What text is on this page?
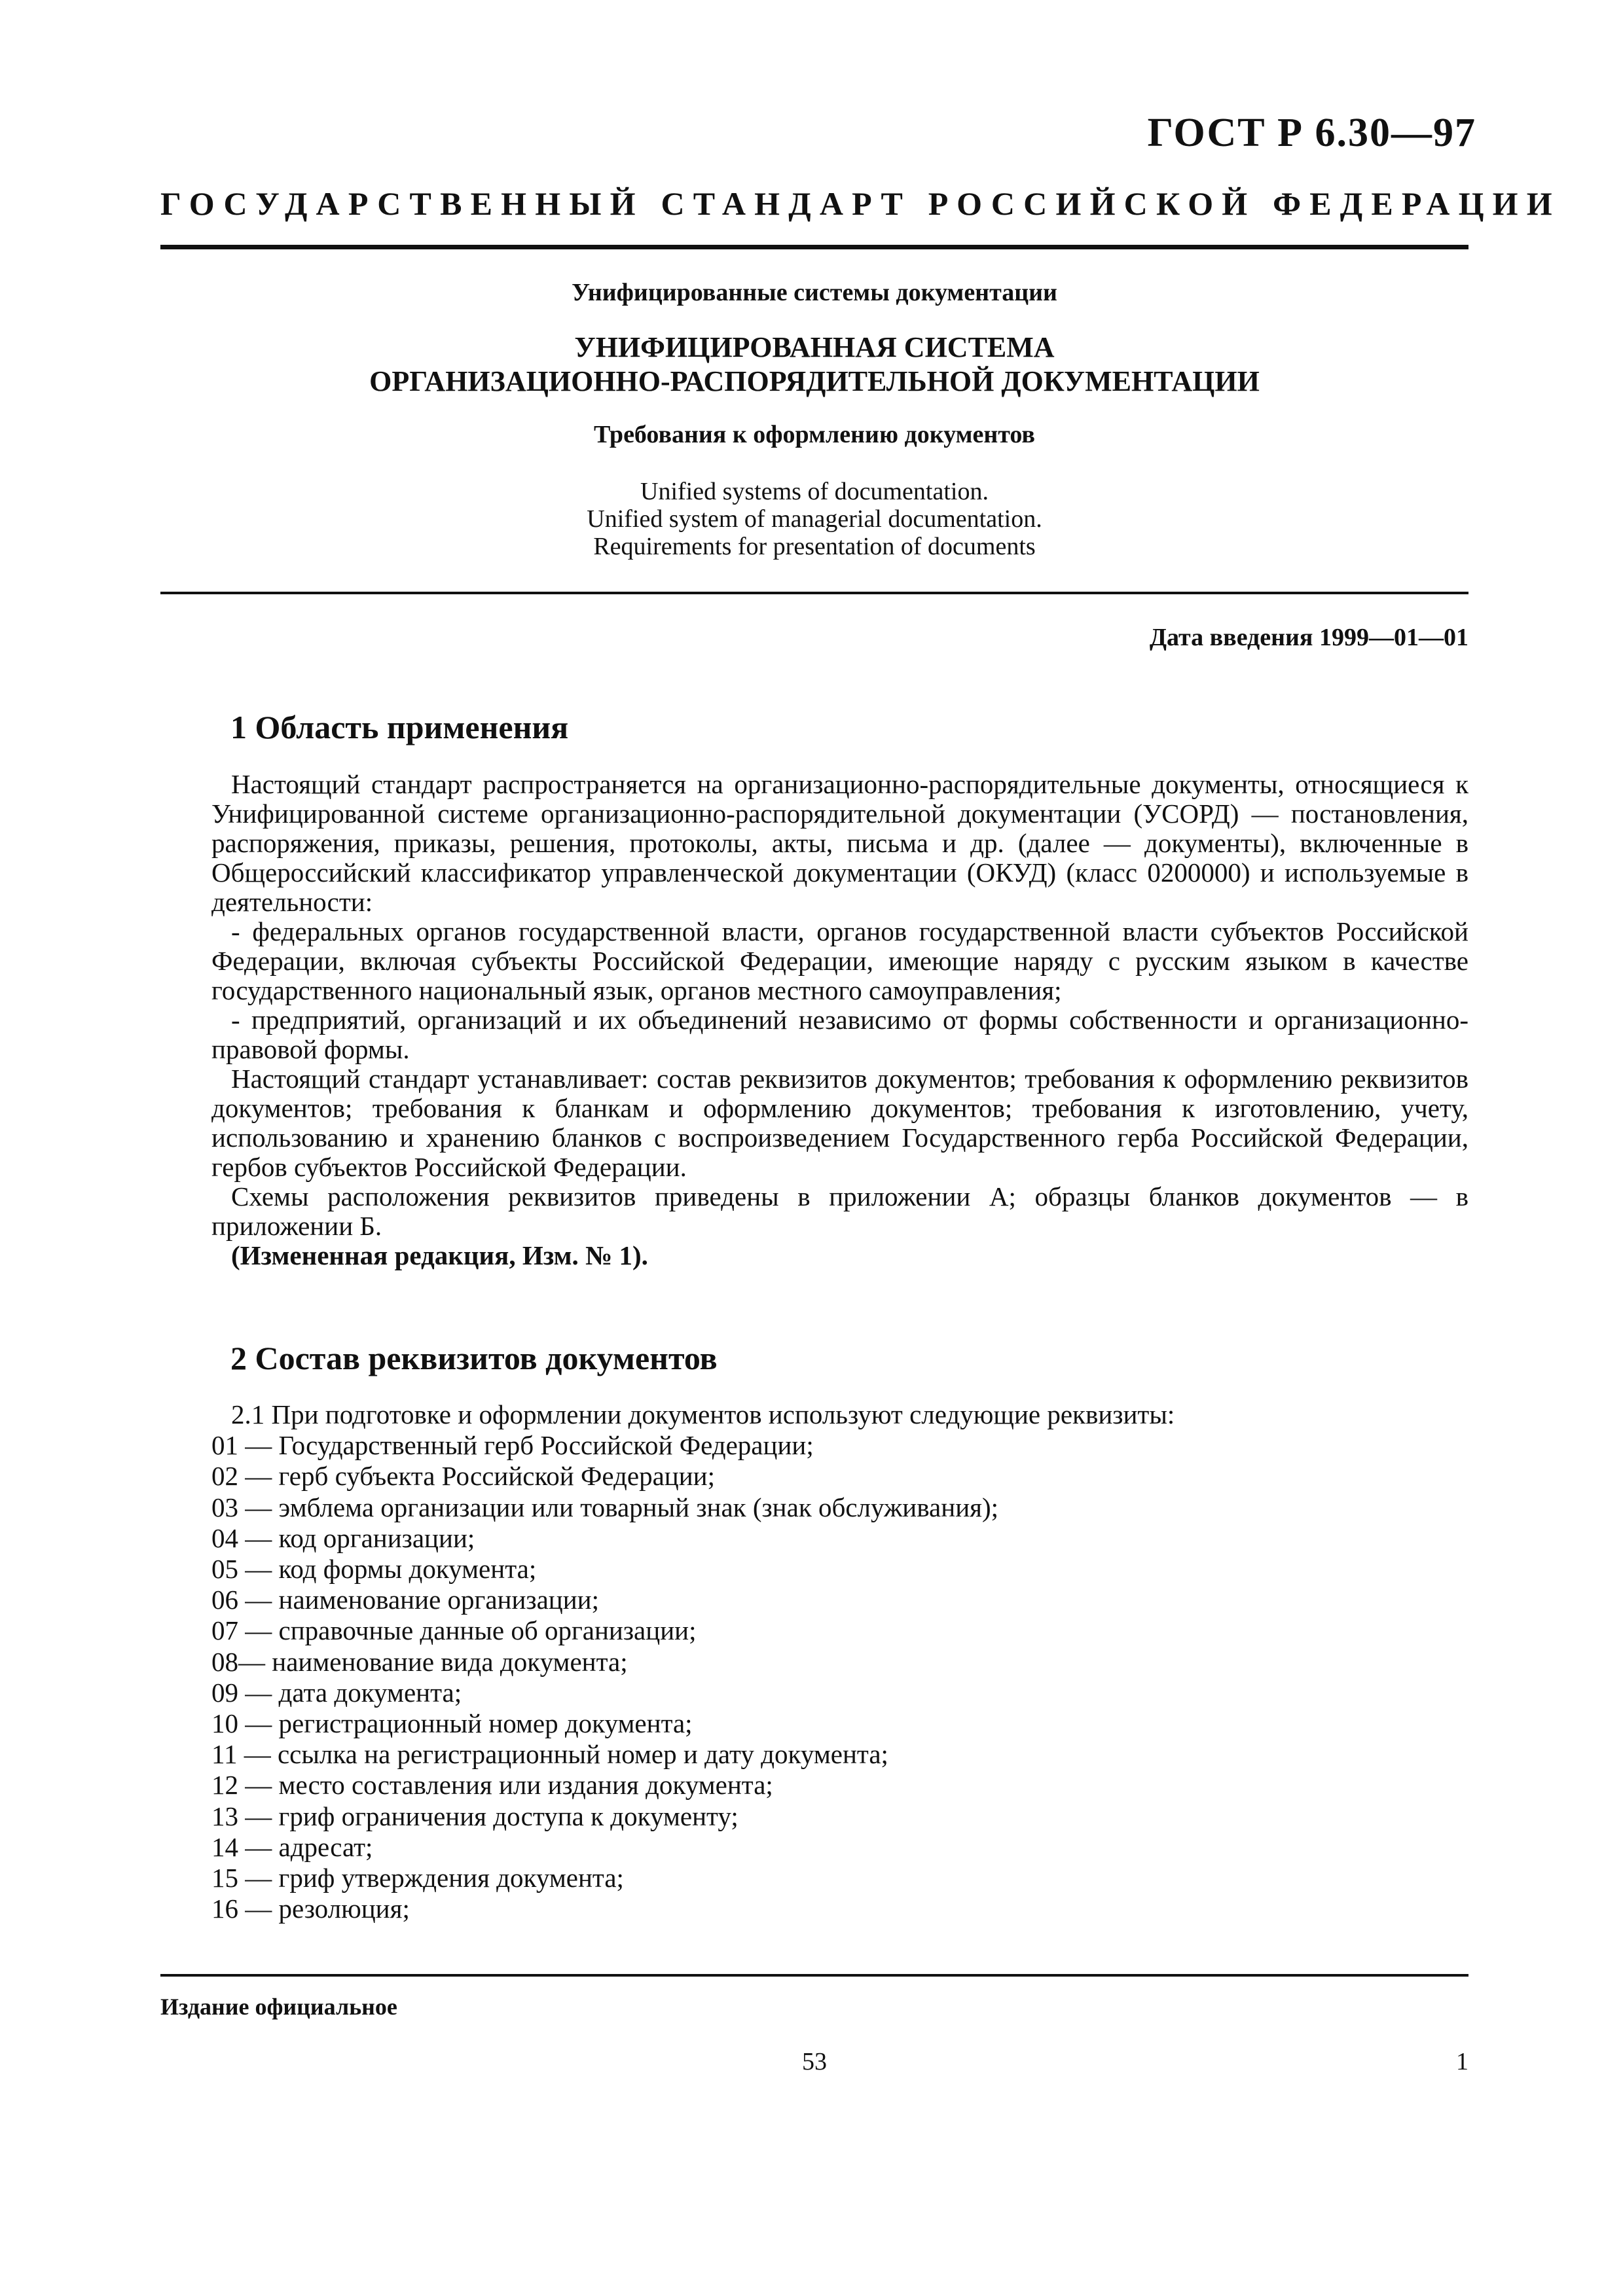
ГОСТ Р 6.30—97
ГОСУДАРСТВЕННЫЙ СТАНДАРТ РОССИЙСКОЙ ФЕДЕРАЦИИ
Унифицированные системы документации
УНИФИЦИРОВАННАЯ СИСТЕМА
ОРГАНИЗАЦИОННО-РАСПОРЯДИТЕЛЬНОЙ ДОКУМЕНТАЦИИ
Требования к оформлению документов
Unified systems of documentation.
Unified system of managerial documentation.
Requirements for presentation of documents
Дата введения 1999—01—01
1 Область применения

Настоящий стандарт распространяется на организационно-распорядительные документы, относящиеся к Унифицированной системе организационно-распорядительной документации (УСОРД) — постановления, распоряжения, приказы, решения, протоколы, акты, письма и др. (далее — документы), включенные в Общероссийский классификатор управленческой документации (ОКУД) (класс 0200000) и используемые в деятельности:

- федеральных органов государственной власти, органов государственной власти субъектов Российской Федерации, включая субъекты Российской Федерации, имеющие наряду с русским языком в качестве государственного национальный язык, органов местного самоуправления;

- предприятий, организаций и их объединений независимо от формы собственности и организационно-правовой формы.

Настоящий стандарт устанавливает: состав реквизитов документов; требования к оформлению реквизитов документов; требования к бланкам и оформлению документов; требования к изготовлению, учету, использованию и хранению бланков с воспроизведением Государственного герба Российской Федерации, гербов субъектов Российской Федерации.

Схемы расположения реквизитов приведены в приложении А; образцы бланков документов — в приложении Б.

(Измененная редакция, Изм. № 1).

2 Состав реквизитов документов
2.1 При подготовке и оформлении документов используют следующие реквизиты:
01 — Государственный герб Российской Федерации;
02 — герб субъекта Российской Федерации;
03 — эмблема организации или товарный знак (знак обслуживания);
04 — код организации;
05 — код формы документа;
06 — наименование организации;
07 — справочные данные об организации;
08— наименование вида документа;
09 — дата документа;
10 — регистрационный номер документа;
11 — ссылка на регистрационный номер и дату документа;
12 — место составления или издания документа;
13 — гриф ограничения доступа к документу;
14 — адресат;
15 — гриф утверждения документа;
16 — резолюция;
Издание официальное
53	1
